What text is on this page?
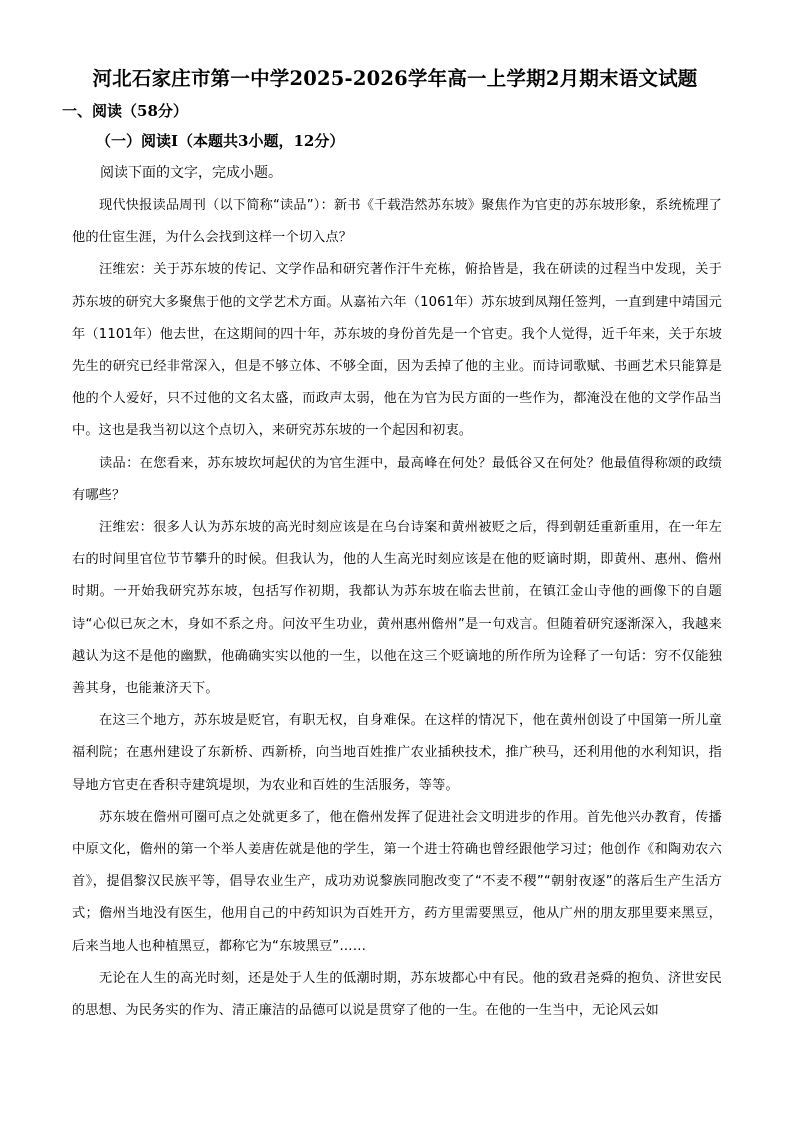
河北石家庄市第一中学2025-2026学年高一上学期2月期末语文试题
一、阅读（58分）
（一）阅读Ⅰ（本题共3小题，12分）
阅读下面的文字，完成小题。

现代快报读品周刊（以下简称“读品”）：新书《千载浩然苏东坡》聚焦作为官吏的苏东坡形象，系统梳理了他的仕宦生涯，为什么会找到这样一个切入点？

汪维宏：关于苏东坡的传记、文学作品和研究著作汗牛充栋，俯拾皆是，我在研读的过程当中发现，关于苏东坡的研究大多聚焦于他的文学艺术方面。从嘉祐六年（1061年）苏东坡到凤翔任签判，一直到建中靖国元年（1101年）他去世，在这期间的四十年，苏东坡的身份首先是一个官吏。我个人觉得，近千年来，关于东坡先生的研究已经非常深入，但是不够立体、不够全面，因为丢掉了他的主业。而诗词歌赋、书画艺术只能算是他的个人爱好，只不过他的文名太盛，而政声太弱，他在为官为民方面的一些作为，都淹没在他的文学作品当中。这也是我当初以这个点切入，来研究苏东坡的一个起因和初衷。

读品：在您看来，苏东坡坎坷起伏的为官生涯中，最高峰在何处？最低谷又在何处？他最值得称颂的政绩有哪些？

汪维宏：很多人认为苏东坡的高光时刻应该是在乌台诗案和黄州被贬之后，得到朝廷重新重用，在一年左右的时间里官位节节攀升的时候。但我认为，他的人生高光时刻应该是在他的贬谪时期，即黄州、惠州、儋州时期。一开始我研究苏东坡，包括写作初期，我都认为苏东坡在临去世前，在镇江金山寺他的画像下的自题诗“心似已灰之木，身如不系之舟。问汝平生功业，黄州惠州儋州”是一句戏言。但随着研究逐渐深入，我越来越认为这不是他的幽默，他确确实实以他的一生，以他在这三个贬谪地的所作所为诠释了一句话：穷不仅能独善其身，也能兼济天下。

在这三个地方，苏东坡是贬官，有职无权，自身难保。在这样的情况下，他在黄州创设了中国第一所儿童福利院；在惠州建设了东新桥、西新桥，向当地百姓推广农业插秧技术，推广秧马，还利用他的水利知识，指导地方官吏在香积寺建筑堤坝，为农业和百姓的生活服务，等等。

苏东坡在儋州可圈可点之处就更多了，他在儋州发挥了促进社会文明进步的作用。首先他兴办教育，传播中原文化，儋州的第一个举人姜唐佐就是他的学生，第一个进士符确也曾经跟他学习过；他创作《和陶劝农六首》，提倡黎汉民族平等，倡导农业生产，成功劝说黎族同胞改变了“不麦不稷”“朝射夜逐”的落后生产生活方式；儋州当地没有医生，他用自己的中药知识为百姓开方，药方里需要黑豆，他从广州的朋友那里要来黑豆，后来当地人也种植黑豆，都称它为“东坡黑豆”……

无论在人生的高光时刻，还是处于人生的低潮时期，苏东坡都心中有民。他的致君尧舜的抱负、济世安民的思想、为民务实的作为、清正廉洁的品德可以说是贯穿了他的一生。在他的一生当中，无论风云如
